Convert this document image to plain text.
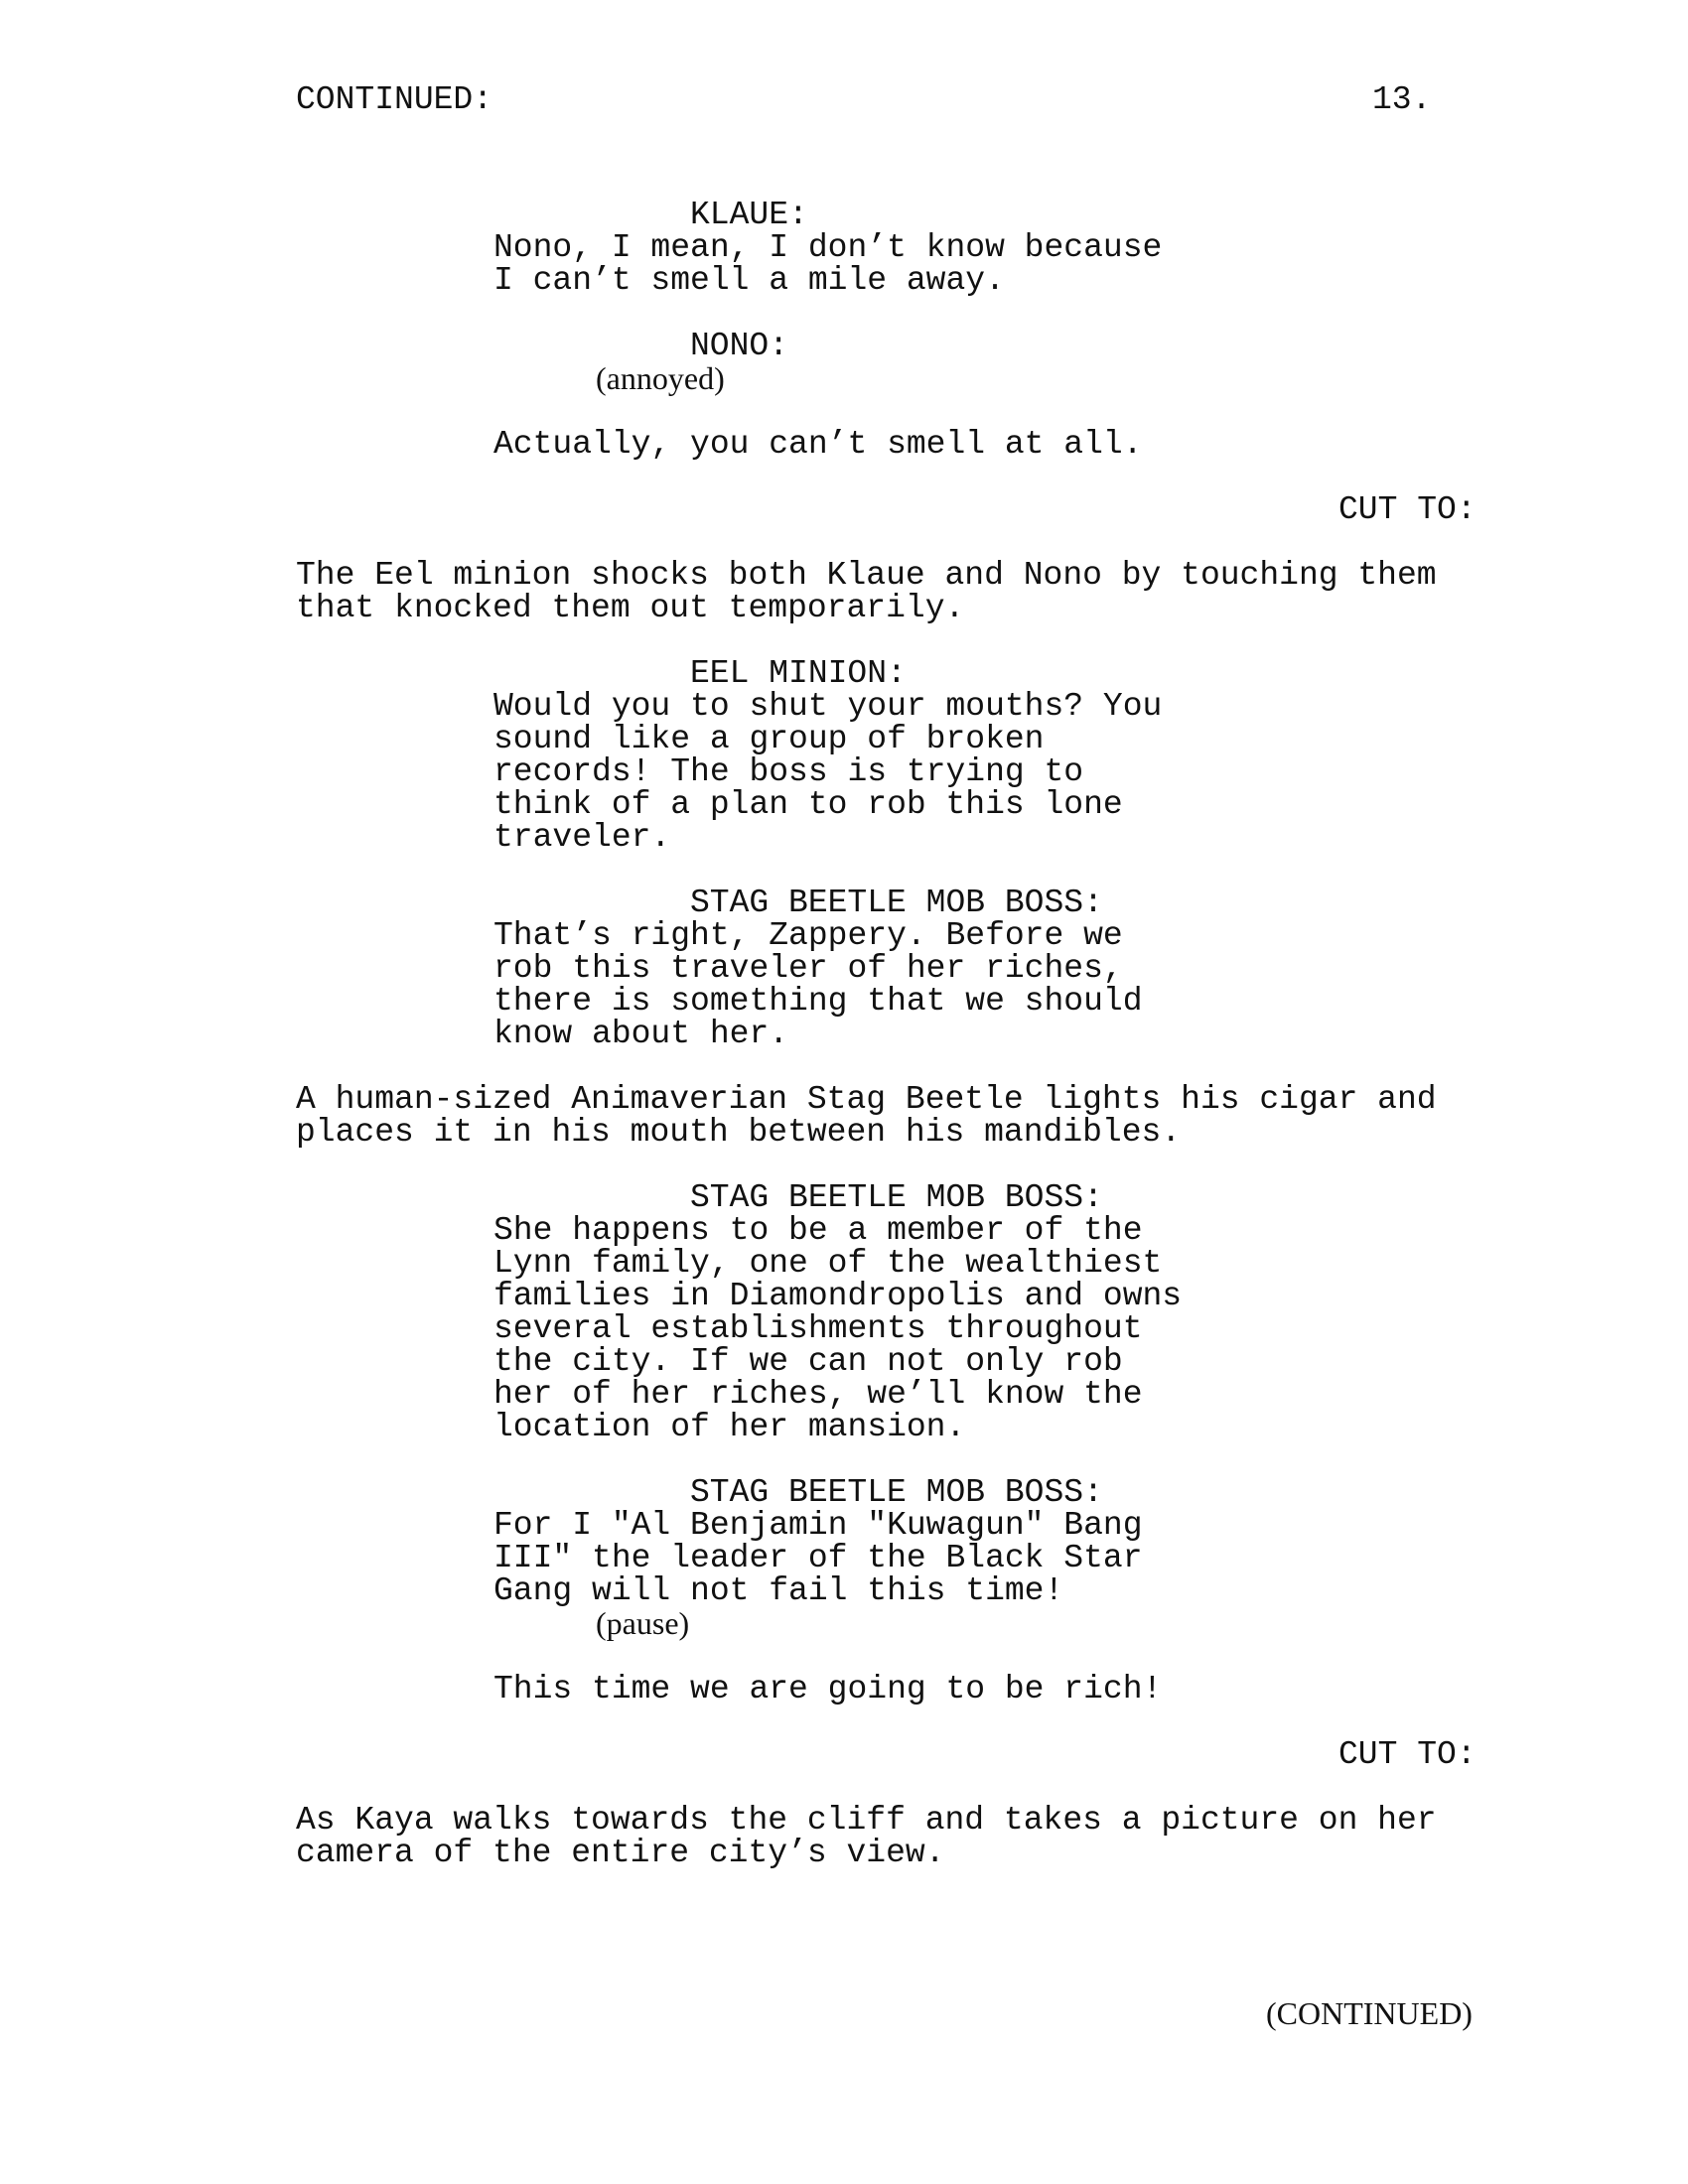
CONTINUED:	13.
KLAUE:
Nono, I mean, I don’t know because
I can’t smell a mile away.
NONO:
(annoyed)
Actually, you can’t smell at all.
CUT TO:
The Eel minion shocks both Klaue and Nono by touching them
that knocked them out temporarily.
EEL MINION:
Would you to shut your mouths? You
sound like a group of broken
records! The boss is trying to
think of a plan to rob this lone
traveler.
STAG BEETLE MOB BOSS:
That’s right, Zappery. Before we
rob this traveler of her riches,
there is something that we should
know about her.
A human-sized Animaverian Stag Beetle lights his cigar and
places it in his mouth between his mandibles.
STAG BEETLE MOB BOSS:
She happens to be a member of the
Lynn family, one of the wealthiest
families in Diamondropolis and owns
several establishments throughout
the city. If we can not only rob
her of her riches, we’ll know the
location of her mansion.
STAG BEETLE MOB BOSS:
For I "Al Benjamin "Kuwagun" Bang
III" the leader of the Black Star
Gang will not fail this time!
(pause)
This time we are going to be rich!
CUT TO:
As Kaya walks towards the cliff and takes a picture on her
camera of the entire city’s view.
(CONTINUED)
